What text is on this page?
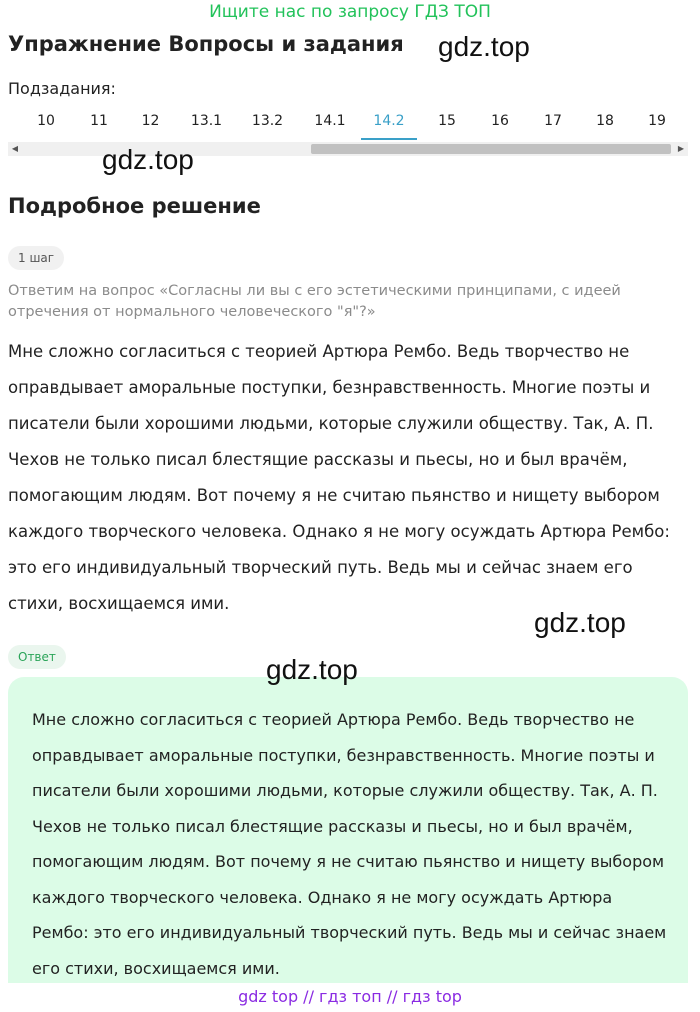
Ищите нас по запросу ГДЗ ТОП
Упражнение Вопросы и задания gdz.top
Подзадания:
10	11	12	13.1	13.2	14.1	14.2	15	16	17	18	19
◀	▶
gdz.top
Подробное решение
1 шаг
Ответим на вопрос «Согласны ли вы с его эстетическими принципами, с идеей отречения от нормального человеческого "я"?»
Мне сложно согласиться с теорией Артюра Рембо. Ведь творчество не оправдывает аморальные поступки, безнравственность. Многие поэты и писатели были хорошими людьми, которые служили обществу. Так, А. П. Чехов не только писал блестящие рассказы и пьесы, но и был врачём, помогающим людям. Вот почему я не считаю пьянство и нищету выбором каждого творческого человека. Однако я не могу осуждать Артюра Рембо: это его индивидуальный творческий путь. Ведь мы и сейчас знаем его стихи, восхищаемся ими.
gdz.top
Ответ	gdz.top
Мне сложно согласиться с теорией Артюра Рембо. Ведь творчество не оправдывает аморальные поступки, безнравственность. Многие поэты и писатели были хорошими людьми, которые служили обществу. Так, А. П. Чехов не только писал блестящие рассказы и пьесы, но и был врачём, помогающим людям. Вот почему я не считаю пьянство и нищету выбором каждого творческого человека. Однако я не могу осуждать Артюра Рембо: это его индивидуальный творческий путь. Ведь мы и сейчас знаем его стихи, восхищаемся ими.
gdz top // гдз топ // гдз top
